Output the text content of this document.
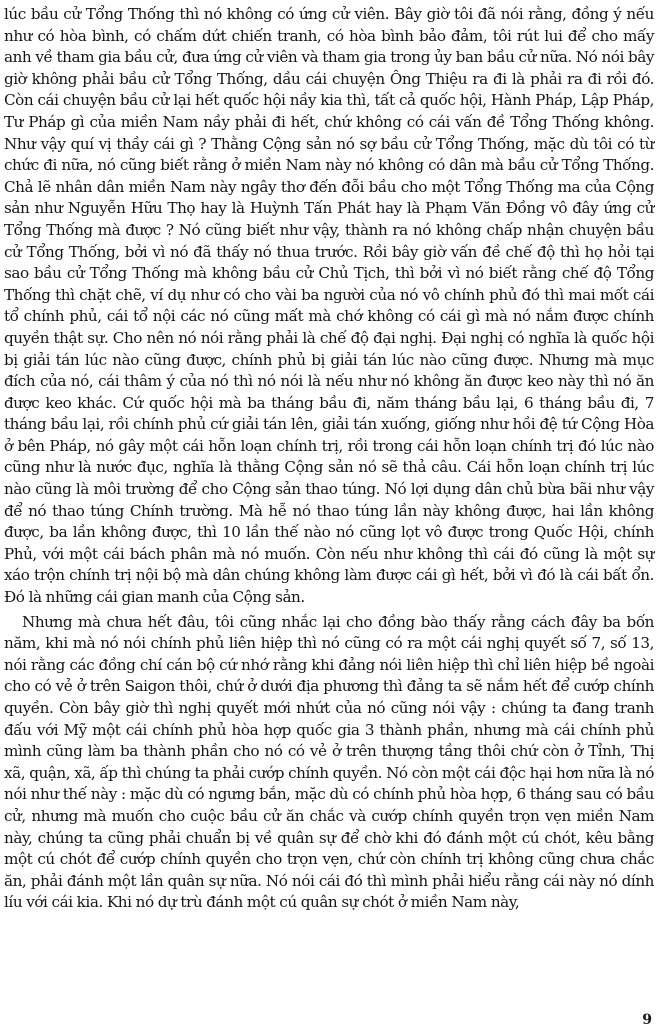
lúc bầu cử Tổng Thống thì nó không có ứng cử viên. Bây giờ tôi đã nói rằng, đồng ý nếu như có hòa bình, có chấm dứt chiến tranh, có hòa bình bảo đảm, tôi rút lui để cho mấy anh về tham gia bầu cử, đưa ứng cử viên và tham gia trong ủy ban bầu cử nữa. Nó nói bây giờ không phải bầu cử Tổng Thống, dầu cái chuyện Ông Thiệu ra đi là phải ra đi rồi đó. Còn cái chuyện bầu cử lại hết quốc hội nầy kia thì, tất cả quốc hội, Hành Pháp, Lập Pháp, Tư Pháp gì của miền Nam nầy phải đi hết, chứ không có cái vấn đề Tổng Thống không. Như vậy quí vị thầy cái gì ? Thằng Cộng sản nó sợ bầu cử Tổng Thống, mặc dù tôi có từ chức đi nữa, nó cũng biết rằng ở miền Nam này nó không có dân mà bầu cử Tổng Thống. Chả lẽ nhân dân miền Nam này ngây thơ đến đỗi bầu cho một Tổng Thống ma của Cộng sản như Nguyễn Hữu Thọ hay là Huỳnh Tấn Phát hay là Phạm Văn Đồng vô đây ứng cử Tổng Thống mà được ? Nó cũng biết như vậy, thành ra nó không chấp nhận chuyện bầu cử Tổng Thống, bởi vì nó đã thấy nó thua trước. Rồi bây giờ vấn đề chế độ thì họ hỏi tại sao bầu cử Tổng Thống mà không bầu cử Chủ Tịch, thì bởi vì nó biết rằng chế độ Tổng Thống thì chặt chẽ, ví dụ như có cho vài ba người của nó vô chính phủ đó thì mai mốt cái tổ chính phủ, cái tổ nội các nó cũng mất mà chớ không có cái gì mà nó nắm được chính quyền thật sự. Cho nên nó nói rằng phải là chế độ đại nghị. Đại nghị có nghĩa là quốc hội bị giải tán lúc nào cũng được, chính phủ bị giải tán lúc nào cũng được. Nhưng mà mục đích của nó, cái thâm ý của nó thì nó nói là nếu như nó không ăn được keo này thì nó ăn được keo khác. Cứ quốc hội mà ba tháng bầu đi, năm tháng bầu lại, 6 tháng bầu đi, 7 tháng bầu lại, rồi chính phủ cứ giải tán lên, giải tán xuống, giống như hồi đệ tứ Cộng Hòa ở bên Pháp, nó gây một cái hỗn loạn chính trị, rồi trong cái hỗn loạn chính trị đó lúc nào cũng như là nước đục, nghĩa là thằng Cộng sản nó sẽ thả câu. Cái hỗn loạn chính trị lúc nào cũng là môi trường để cho Cộng sản thao túng. Nó lợi dụng dân chủ bừa bãi như vậy để nó thao túng Chính trường. Mà hễ nó thao túng lần này không được, hai lần không được, ba lần không được, thì 10 lần thế nào nó cũng lọt vô được trong Quốc Hội, chính Phủ, với một cái bách phân mà nó muốn. Còn nếu như không thì cái đó cũng là một sự xáo trộn chính trị nội bộ mà dân chúng không làm được cái gì hết, bởi vì đó là cái bất ổn. Đó là những cái gian manh của Cộng sản.

Nhưng mà chưa hết đâu, tôi cũng nhắc lại cho đồng bào thấy rằng cách đây ba bốn năm, khi mà nó nói chính phủ liên hiệp thì nó cũng có ra một cái nghị quyết số 7, số 13, nói rằng các đồng chí cán bộ cứ nhớ rằng khi đảng nói liên hiệp thì chỉ liên hiệp bề ngoài cho có vẻ ở trên Saigon thôi, chứ ở dưới địa phương thì đảng ta sẽ nắm hết để cướp chính quyền. Còn bây giờ thì nghị quyết mới nhứt của nó cũng nói vậy : chúng ta đang tranh đấu với Mỹ một cái chính phủ hòa hợp quốc gia 3 thành phần, nhưng mà cái chính phủ mình cũng làm ba thành phần cho nó có vẻ ở trên thượng tầng thôi chứ còn ở Tỉnh, Thị xã, quận, xã, ấp thì chúng ta phải cướp chính quyền. Nó còn một cái độc hại hơn nữa là nó nói như thế này : mặc dù có ngưng bắn, mặc dù có chính phủ hòa hợp, 6 tháng sau có bầu cử, nhưng mà muốn cho cuộc bầu cử ăn chắc và cướp chính quyền trọn vẹn miền Nam này, chúng ta cũng phải chuẩn bị về quân sự để chờ khi đó đánh một cú chót, kêu bằng một cú chót để cướp chính quyền cho trọn vẹn, chứ còn chính trị không cũng chưa chắc ăn, phải đánh một lần quân sự nữa. Nó nói cái đó thì mình phải hiểu rằng cái này nó dính líu với cái kia. Khi nó dự trù đánh một cú quân sự chót ở miền Nam này,

9
